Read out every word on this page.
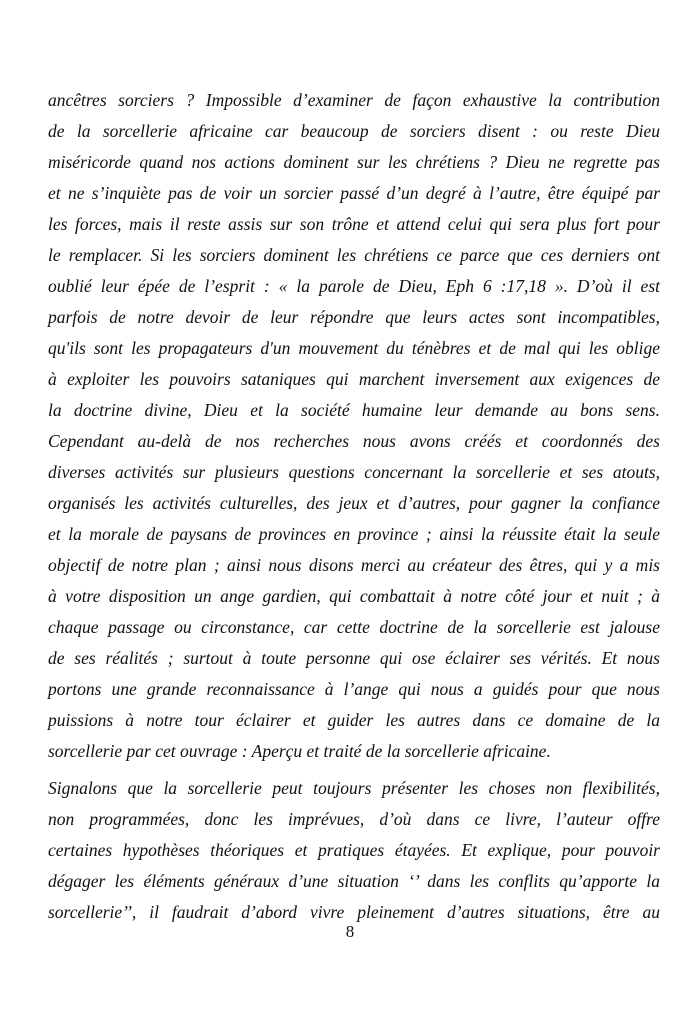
ancêtres sorciers ? Impossible d’examiner de façon exhaustive la contribution
de la sorcellerie africaine car beaucoup de sorciers disent : ou reste Dieu
miséricorde quand nos actions dominent sur les chrétiens ? Dieu ne regrette pas
et ne s’inquiète pas de voir un sorcier passé d’un degré à l’autre, être équipé par
les forces, mais il reste assis sur son trône et attend celui qui sera plus fort pour
le remplacer. Si les sorciers dominent les chrétiens ce parce que ces derniers ont
oublié leur épée de l’esprit : « la parole de Dieu, Eph 6 :17,18 ». D’où il est
parfois de notre devoir de leur répondre que leurs actes sont incompatibles,
qu'ils sont les propagateurs d'un mouvement du ténèbres et de mal qui les oblige
à exploiter les pouvoirs sataniques qui marchent inversement aux exigences de
la doctrine divine, Dieu et la société humaine leur demande au bons sens.
Cependant au-delà de nos recherches nous avons créés et coordonnés des
diverses activités sur plusieurs questions concernant la sorcellerie et ses atouts,
organisés les activités culturelles, des jeux et d’autres, pour gagner la confiance
et la morale de paysans de provinces en province ; ainsi la réussite était la seule
objectif de notre plan ; ainsi nous disons merci au créateur des êtres, qui y a mis
à votre disposition un ange gardien, qui combattait à notre côté jour et nuit ; à
chaque passage ou circonstance, car cette doctrine de la sorcellerie est jalouse
de ses réalités ; surtout à toute personne qui ose éclairer ses vérités. Et nous
portons une grande reconnaissance à l’ange qui nous a guidés pour que nous
puissions à notre tour éclairer et guider les autres dans ce domaine de la
sorcellerie par cet ouvrage : Aperçu et traité de la sorcellerie africaine.
Signalons que la sorcellerie peut toujours présenter les choses non flexibilités,
non programmées, donc les imprévues, d’où dans ce livre, l’auteur offre
certaines hypothèses théoriques et pratiques étayées. Et explique, pour pouvoir
dégager les éléments généraux d’une situation ‘’ dans les conflits qu’apporte la
sorcellerie’’, il faudrait d’abord vivre pleinement d’autres situations, être au
8
